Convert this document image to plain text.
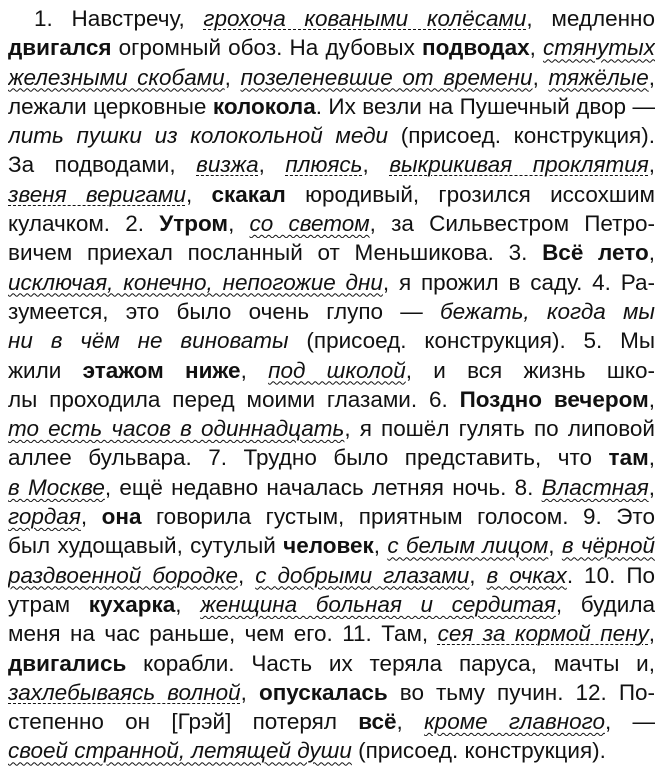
1. Навстречу, грохоча коваными колёсами, медленно
двигался огромный обоз. На дубовых подводах, стянутых
железными скобами, позеленевшие от времени, тяжёлые,
лежали церковные колокола. Их везли на Пушечный двор —
лить пушки из колокольной меди (присоед. конструкция).
За подводами, визжа, плюясь, выкрикивая проклятия,
звеня веригами, скакал юродивый, грозился иссохшим
кулачком. 2. Утром, со светом, за Сильвестром Петро-
вичем приехал посланный от Меньшикова. 3. Всё лето,
исключая, конечно, непогожие дни, я прожил в саду. 4. Ра-
зумеется, это было очень глупо — бежать, когда мы
ни в чём не виноваты (присоед. конструкция). 5. Мы
жили этажом ниже, под школой, и вся жизнь шко-
лы проходила перед моими глазами. 6. Поздно вечером,
то есть часов в одиннадцать, я пошёл гулять по липовой
аллее бульвара. 7. Трудно было представить, что там,
в Москве, ещё недавно началась летняя ночь. 8. Властная,
гордая, она говорила густым, приятным голосом. 9. Это
был худощавый, сутулый человек, с белым лицом, в чёрной
раздвоенной бородке, с добрыми глазами, в очках. 10. По
утрам кухарка, женщина больная и сердитая, будила
меня на час раньше, чем его. 11. Там, сея за кормой пену,
двигались корабли. Часть их теряла паруса, мачты и,
захлебываясь волной, опускалась во тьму пучин. 12. По-
степенно он [Грэй] потерял всё, кроме главного, —
своей странной, летящей души (присоед. конструкция).
